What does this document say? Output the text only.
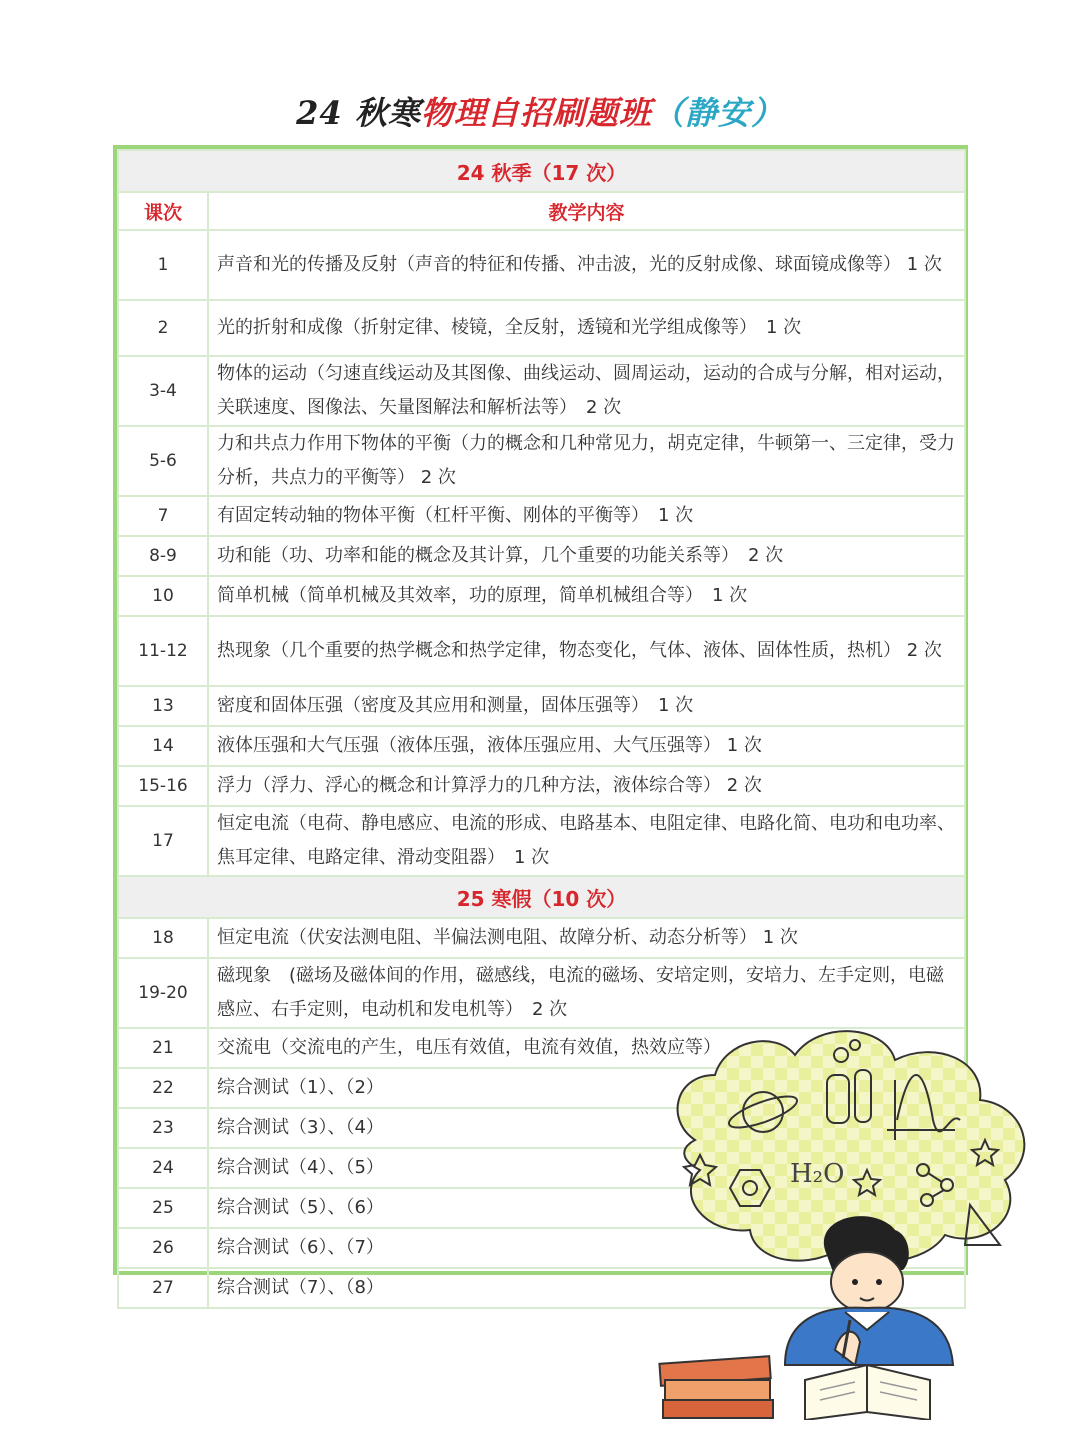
24 秋寒物理自招刷题班（静安）
24 秋季（17 次）	
课次	教学内容
1	声音和光的传播及反射（声音的特征和传播、冲击波，光的反射成像、球面镜成像等） 1 次
2	光的折射和成像（折射定律、棱镜，全反射，透镜和光学组成像等）　1 次
3-4	物体的运动（匀速直线运动及其图像、曲线运动、圆周运动，运动的合成与分解，相对运动，关联速度、图像法、矢量图解法和解析法等）　2 次
5-6	力和共点力作用下物体的平衡（力的概念和几种常见力，胡克定律，牛顿第一、三定律，受力分析，共点力的平衡等） 2 次
7	有固定转动轴的物体平衡（杠杆平衡、刚体的平衡等）　1 次
8-9	功和能（功、功率和能的概念及其计算，几个重要的功能关系等）　2 次
10	简单机械（简单机械及其效率，功的原理，简单机械组合等）　1 次
11-12	热现象（几个重要的热学概念和热学定律，物态变化，气体、液体、固体性质，热机） 2 次
13	密度和固体压强（密度及其应用和测量，固体压强等）　1 次
14	液体压强和大气压强（液体压强，液体压强应用、大气压强等） 1 次
15-16	浮力（浮力、浮心的概念和计算浮力的几种方法，液体综合等） 2 次
17	恒定电流（电荷、静电感应、电流的形成、电路基本、电阻定律、电路化简、电功和电功率、焦耳定律、电路定律、滑动变阻器）　1 次
25 寒假（10 次）	
18	恒定电流（伏安法测电阻、半偏法测电阻、故障分析、动态分析等） 1 次
19-20	磁现象　(磁场及磁体间的作用，磁感线，电流的磁场、安培定则，安培力、左手定则，电磁感应、右手定则，电动机和发电机等）　2 次
21	交流电（交流电的产生，电压有效值，电流有效值，热效应等）
22	综合测试（1）、（2）
23	综合测试（3）、（4）
24	综合测试（4）、（5）
25	综合测试（5）、（6）
26	综合测试（6）、（7）
27	综合测试（7）、（8）
H₂O
